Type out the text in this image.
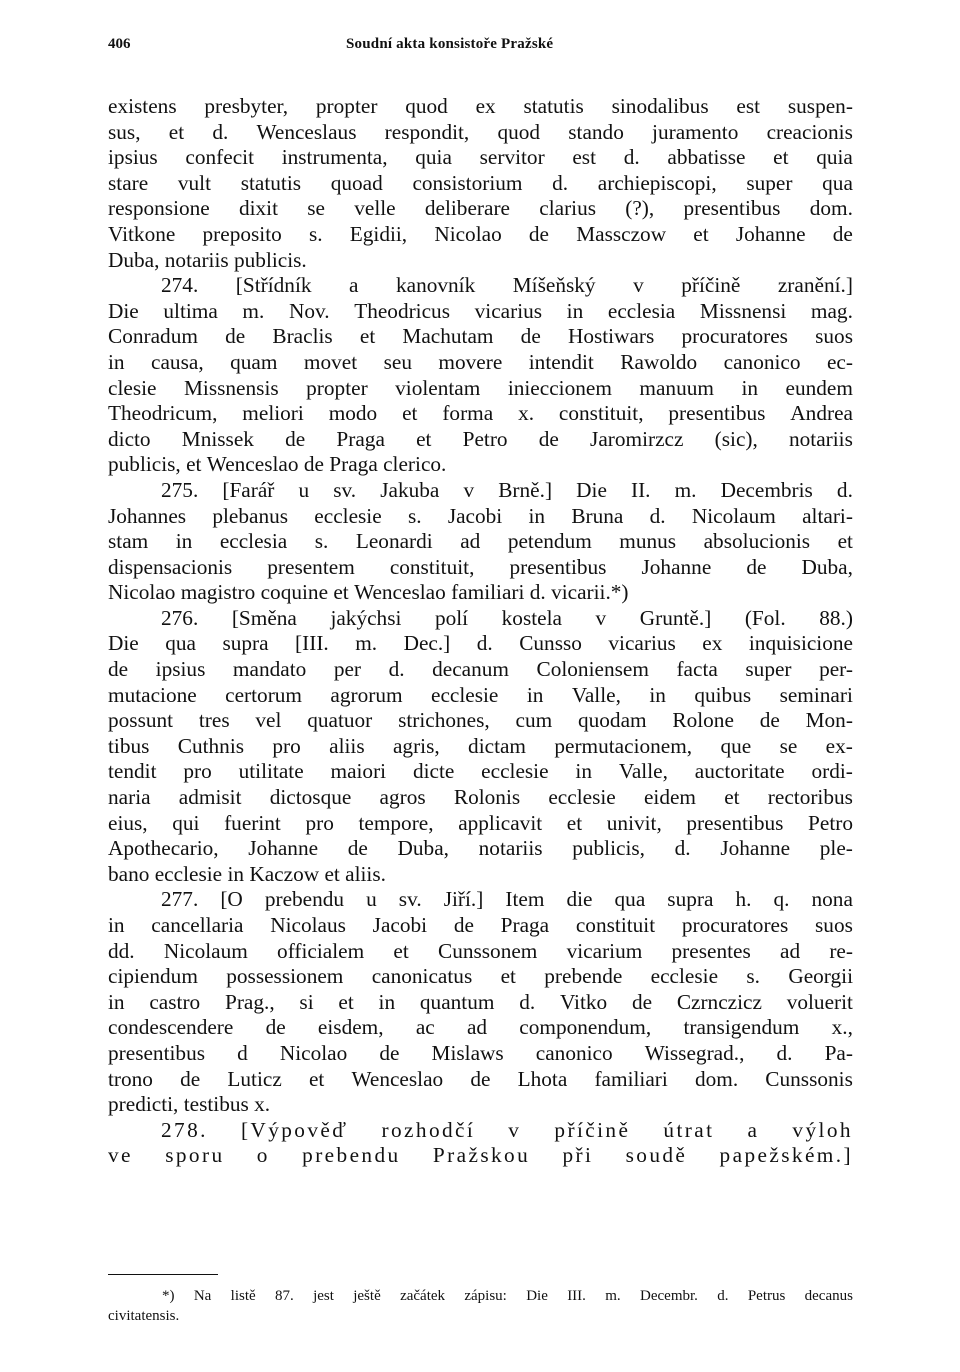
406	Soudní akta konsistoře Pražské
existens presbyter, propter quod ex statutis sinodalibus est suspen-
sus, et d. Wenceslaus respondit, quod stando juramento creacionis
ipsius confecit instrumenta, quia servitor est d. abbatisse et quia
stare vult statutis quoad consistorium d. archiepiscopi, super qua
responsione dixit se velle deliberare clarius (?), presentibus dom.
Vitkone preposito s. Egidii, Nicolao de Massczow et Johanne de
Duba, notariis publicis.
274. [Střídník a kanovník Míšeňský v příčině zranění.]
Die ultima m. Nov. Theodricus vicarius in ecclesia Missnensi mag.
Conradum de Braclis et Machutam de Hostiwars procuratores suos
in causa, quam movet seu movere intendit Rawoldo canonico ec-
clesie Missnensis propter violentam inieccionem manuum in eundem
Theodricum, meliori modo et forma x. constituit, presentibus Andrea
dicto Mnissek de Praga et Petro de Jaromirzcz (sic), notariis
publicis, et Wenceslao de Praga clerico.
275. [Farář u sv. Jakuba v Brně.] Die II. m. Decembris d.
Johannes plebanus ecclesie s. Jacobi in Bruna d. Nicolaum altari-
stam in ecclesia s. Leonardi ad petendum munus absolucionis et
dispensacionis presentem constituit, presentibus Johanne de Duba,
Nicolao magistro coquine et Wenceslao familiari d. vicarii.*)
276. [Směna jakýchsi polí kostela v Gruntě.] (Fol. 88.)
Die qua supra [III. m. Dec.] d. Cunsso vicarius ex inquisicione
de ipsius mandato per d. decanum Coloniensem facta super per-
mutacione certorum agrorum ecclesie in Valle, in quibus seminari
possunt tres vel quatuor strichones, cum quodam Rolone de Mon-
tibus Cuthnis pro aliis agris, dictam permutacionem, que se ex-
tendit pro utilitate maiori dicte ecclesie in Valle, auctoritate ordi-
naria admisit dictosque agros Rolonis ecclesie eidem et rectoribus
eius, qui fuerint pro tempore, applicavit et univit, presentibus Petro
Apothecario, Johanne de Duba, notariis publicis, d. Johanne ple-
bano ecclesie in Kaczow et aliis.
277. [O prebendu u sv. Jiří.] Item die qua supra h. q. nona
in cancellaria Nicolaus Jacobi de Praga constituit procuratores suos
dd. Nicolaum officialem et Cunssonem vicarium presentes ad re-
cipiendum possessionem canonicatus et prebende ecclesie s. Georgii
in castro Prag., si et in quantum d. Vitko de Czrnczicz voluerit
condescendere de eisdem, ac ad componendum, transigendum x.,
presentibus d Nicolao de Mislaws canonico Wissegrad., d. Pa-
trono de Luticz et Wenceslao de Lhota familiari dom. Cunssonis
predicti, testibus x.
278. [Výpověď rozhodčí v příčině útrat a výloh
ve sporu o prebendu Pražskou při soudě papežském.]
*) Na listě 87. jest ještě začátek zápisu: Die III. m. Decembr. d. Petrus decanus
civitatensis.
